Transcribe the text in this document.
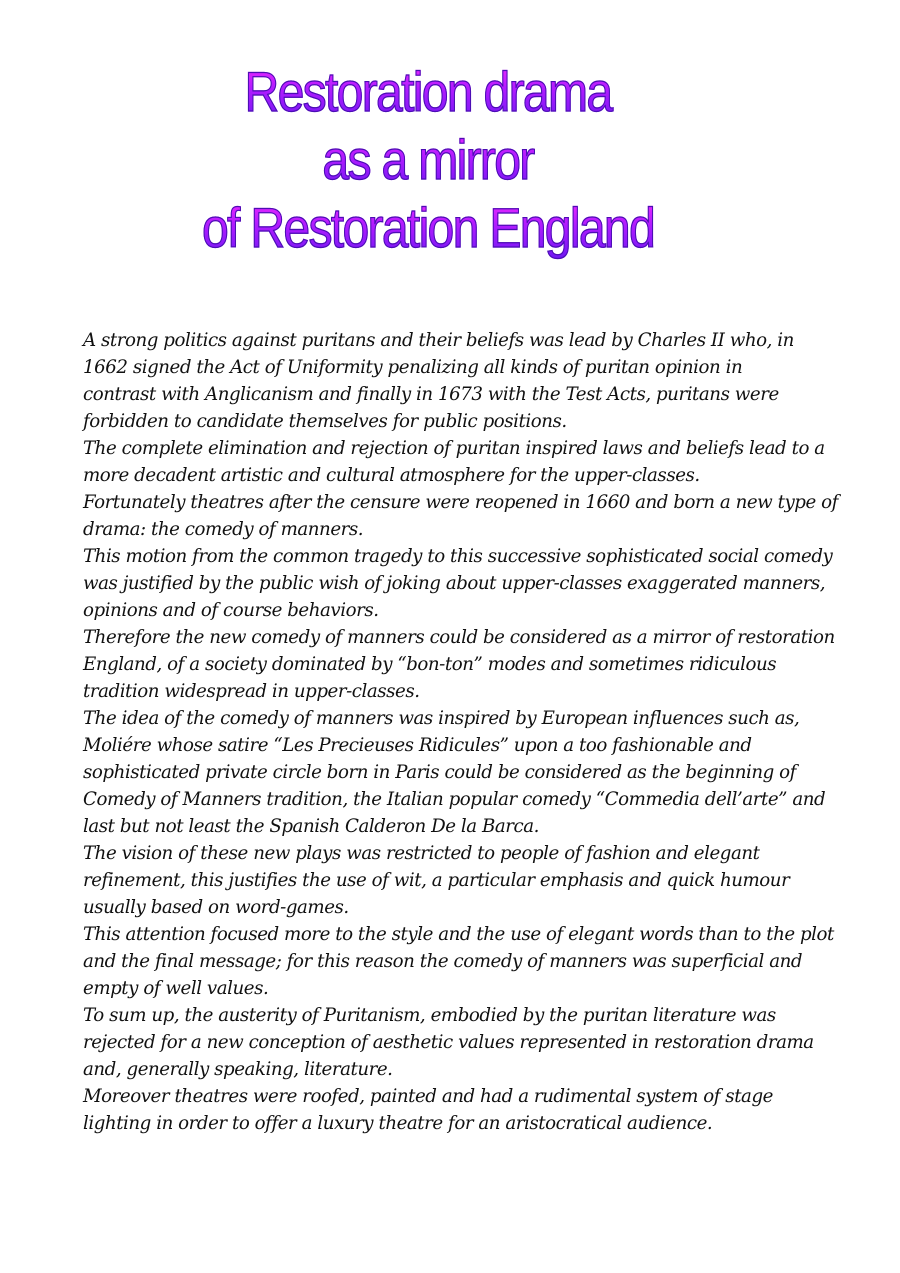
Restoration drama
as a mirror
of Restoration England
A strong politics against puritans and their beliefs was lead by Charles II who, in
1662 signed the Act of Uniformity penalizing all kinds of puritan opinion in
contrast with Anglicanism and finally in 1673 with the Test Acts, puritans were
forbidden to candidate themselves for public positions.
The complete elimination and rejection of puritan inspired laws and beliefs lead to a
more decadent artistic and cultural atmosphere for the upper-classes.
Fortunately theatres after the censure were reopened in 1660 and born a new type of
drama: the comedy of manners.
This motion from the common tragedy to this successive sophisticated social comedy
was justified by the public wish of joking about upper-classes exaggerated manners,
opinions and of course behaviors.
Therefore the new comedy of manners could be considered as a mirror of restoration
England, of a society dominated by “bon-ton” modes and sometimes ridiculous
tradition widespread in upper-classes.
The idea of the comedy of manners was inspired by European influences such as,
Moliére whose satire “Les Precieuses Ridicules” upon a too fashionable and
sophisticated private circle born in Paris could be considered as the beginning of
Comedy of Manners tradition, the Italian popular comedy “Commedia dell’arte” and
last but not least the Spanish Calderon De la Barca.
The vision of these new plays was restricted to people of fashion and elegant
refinement, this justifies the use of wit, a particular emphasis and quick humour
usually based on word-games.
This attention focused more to the style and the use of elegant words than to the plot
and the final message; for this reason the comedy of manners was superficial and
empty of well values.
To sum up, the austerity of Puritanism, embodied by the puritan literature was
rejected for a new conception of aesthetic values represented in restoration drama
and, generally speaking, literature.
Moreover theatres were roofed, painted and had a rudimental system of stage
lighting in order to offer a luxury theatre for an aristocratical audience.
